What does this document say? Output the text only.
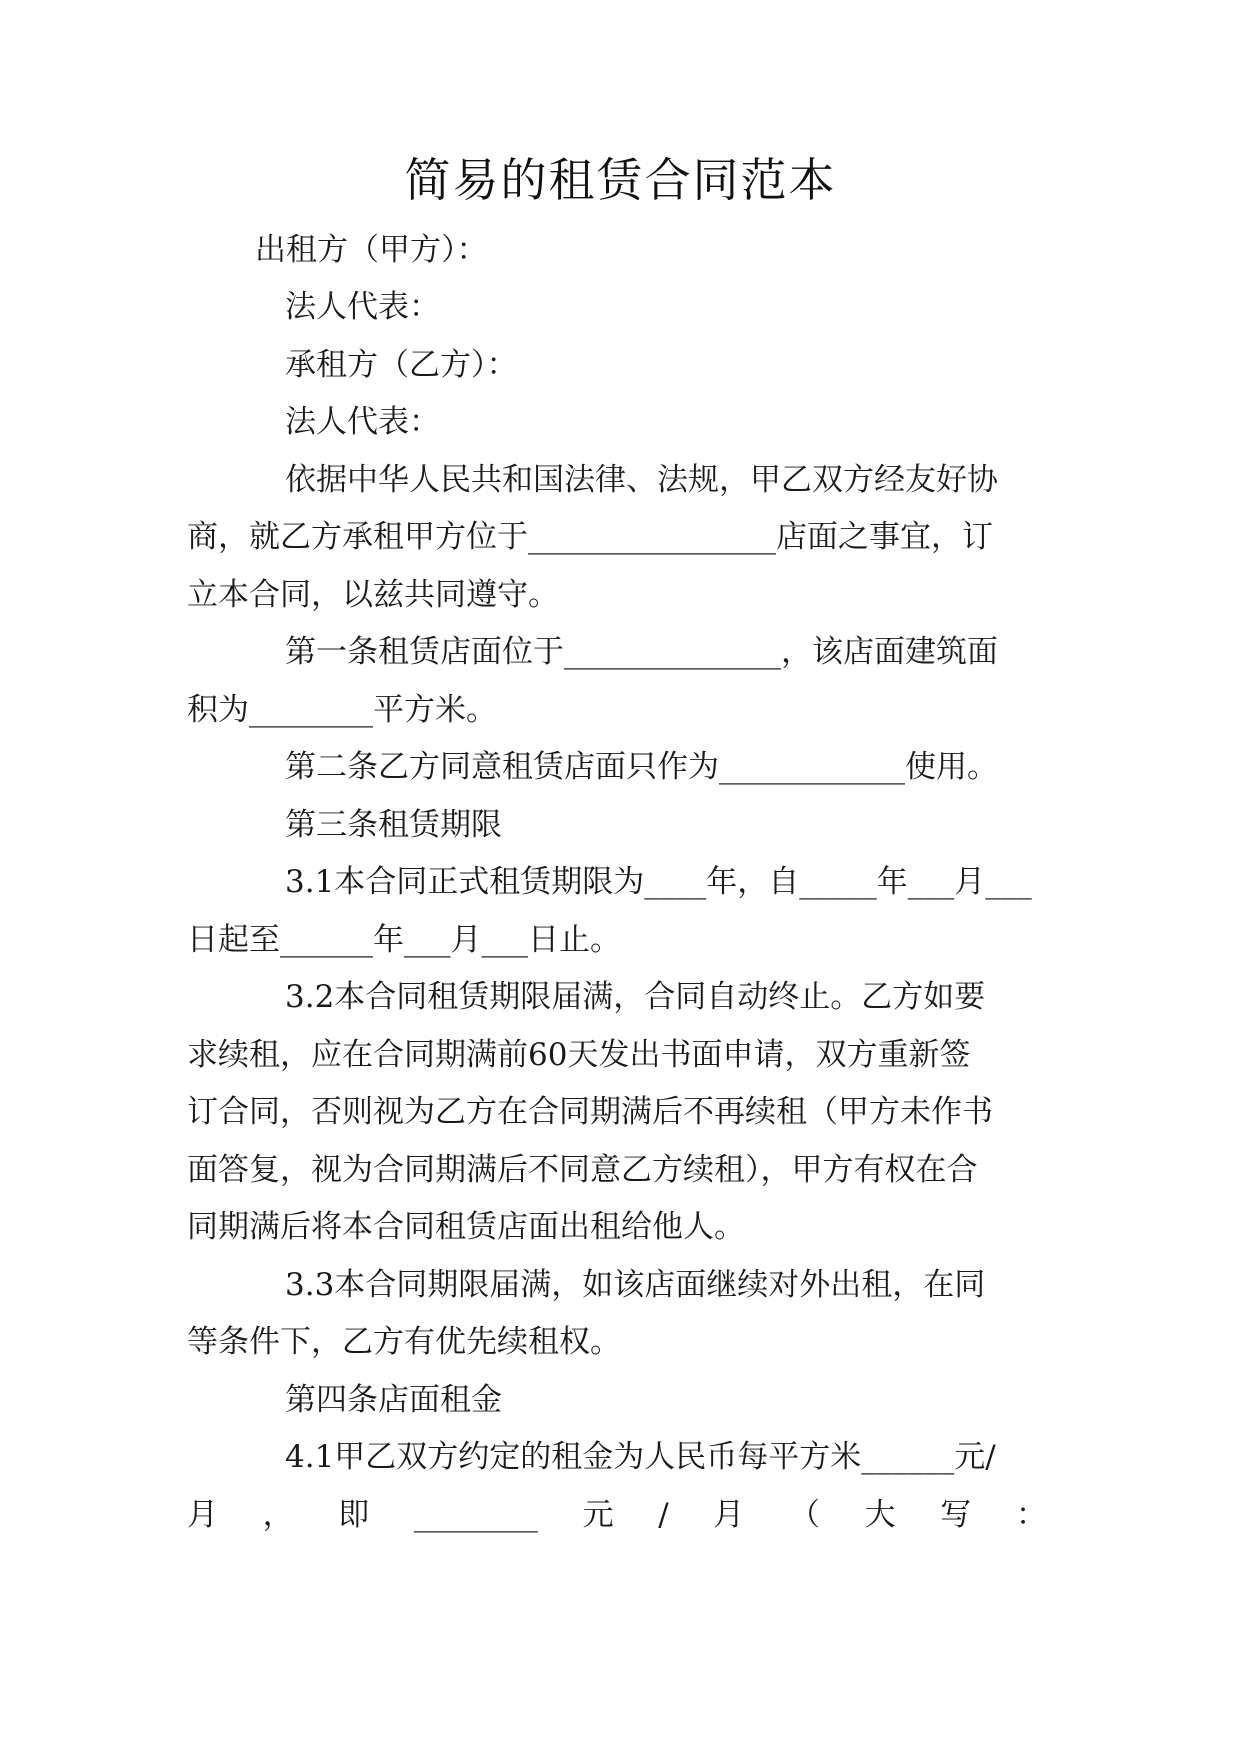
简易的租赁合同范本
出租方（甲方）：
法人代表：
承租方（乙方）：
法人代表：
依据中华人民共和国法律、法规，甲乙双方经友好协
商，就乙方承租甲方位于________________店面之事宜，订
立本合同，以兹共同遵守。
第一条租赁店面位于______________，该店面建筑面
积为________平方米。
第二条乙方同意租赁店面只作为____________使用。
第三条租赁期限
3.1本合同正式租赁期限为____年，自_____年___月___
日起至______年___月___日止。
3.2本合同租赁期限届满，合同自动终止。乙方如要
求续租，应在合同期满前60天发出书面申请，双方重新签
订合同，否则视为乙方在合同期满后不再续租（甲方未作书
面答复，视为合同期满后不同意乙方续租），甲方有权在合
同期满后将本合同租赁店面出租给他人。
3.3本合同期限届满，如该店面继续对外出租，在同
等条件下，乙方有优先续租权。
第四条店面租金
4.1甲乙双方约定的租金为人民币每平方米______元/
月 ， 即 ________ 元 / 月 （ 大 写 ：
